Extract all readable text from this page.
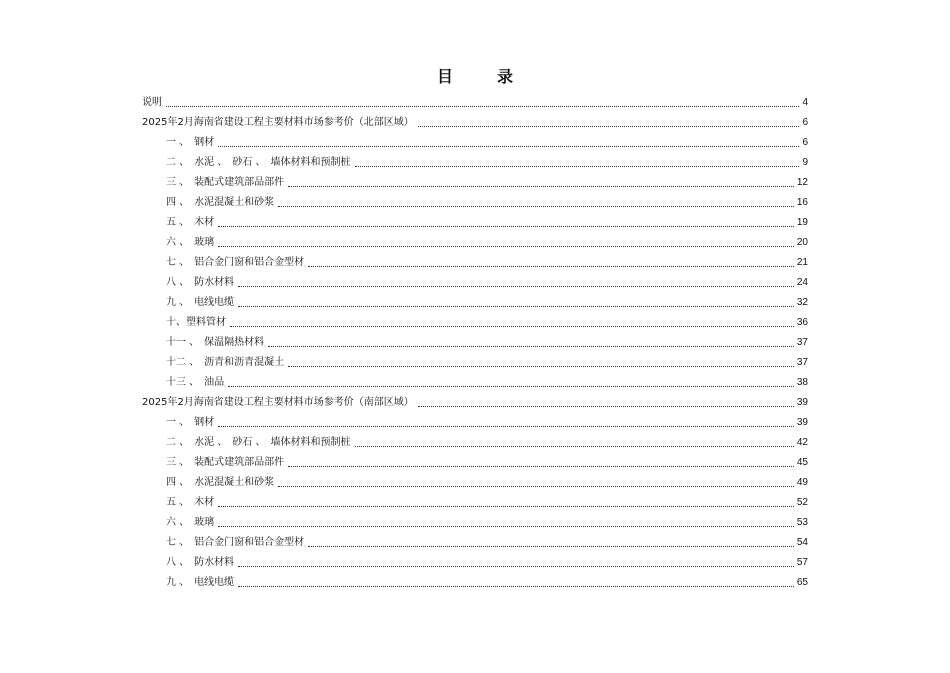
目　录
说明	4
2025年2月海南省建设工程主要材料市场参考价（北部区域）	6
一 、　钢材	6
二 、　水泥 、　砂石 、　墙体材料和预制桩	9
三 、　装配式建筑部品部件	12
四 、　水泥混凝土和砂浆	16
五 、　木材	19
六 、　玻璃	20
七 、　铝合金门窗和铝合金型材	21
八 、　防水材料	24
九 、　电线电缆	32
十、塑料管材	36
十一 、　保温隔热材料	37
十二 、　沥青和沥青混凝土	37
十三 、　油品	38
2025年2月海南省建设工程主要材料市场参考价（南部区域）	39
一 、　钢材	39
二 、　水泥 、　砂石 、　墙体材料和预制桩	42
三 、　装配式建筑部品部件	45
四 、　水泥混凝土和砂浆	49
五 、　木材	52
六 、　玻璃	53
七 、　铝合金门窗和铝合金型材	54
八 、　防水材料	57
九 、　电线电缆	65
